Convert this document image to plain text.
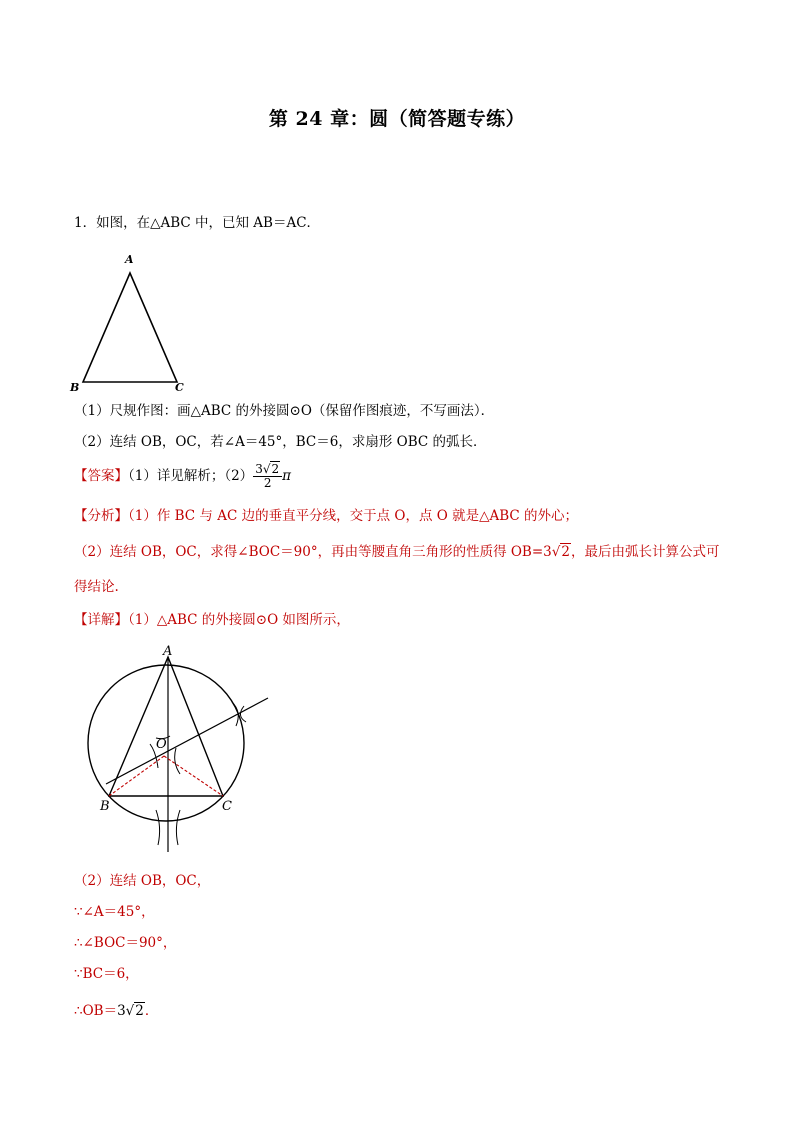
第 24 章：圆（简答题专练）
1．如图，在△ABC 中，已知 AB＝AC．
A
B	C
（1）尺规作图：画△ABC 的外接圆⊙O（保留作图痕迹，不写画法）．
（2）连结 OB，OC，若∠A＝45°，BC＝6，求扇形 OBC 的弧长．
【答案】（1）详见解析；$(2) \frac{3√2}{2}$ π
【分析】（1）作 BC 与 AC 边的垂直平分线，交于点 O，点 O 就是△ABC 的外心；
（2）连结 OB，OC，求得∠BOC＝90°，再由等腰直角三角形的性质得 OB=3√2，最后由弧长计算公式可
得结论.
【详解】（1）△ABC 的外接圆⊙O 如图所示，
A
B	C
O
（2）连结 OB，OC，
∵∠A＝45°，
∴∠BOC＝90°，
∵BC＝6，
∴OB＝3√2．
